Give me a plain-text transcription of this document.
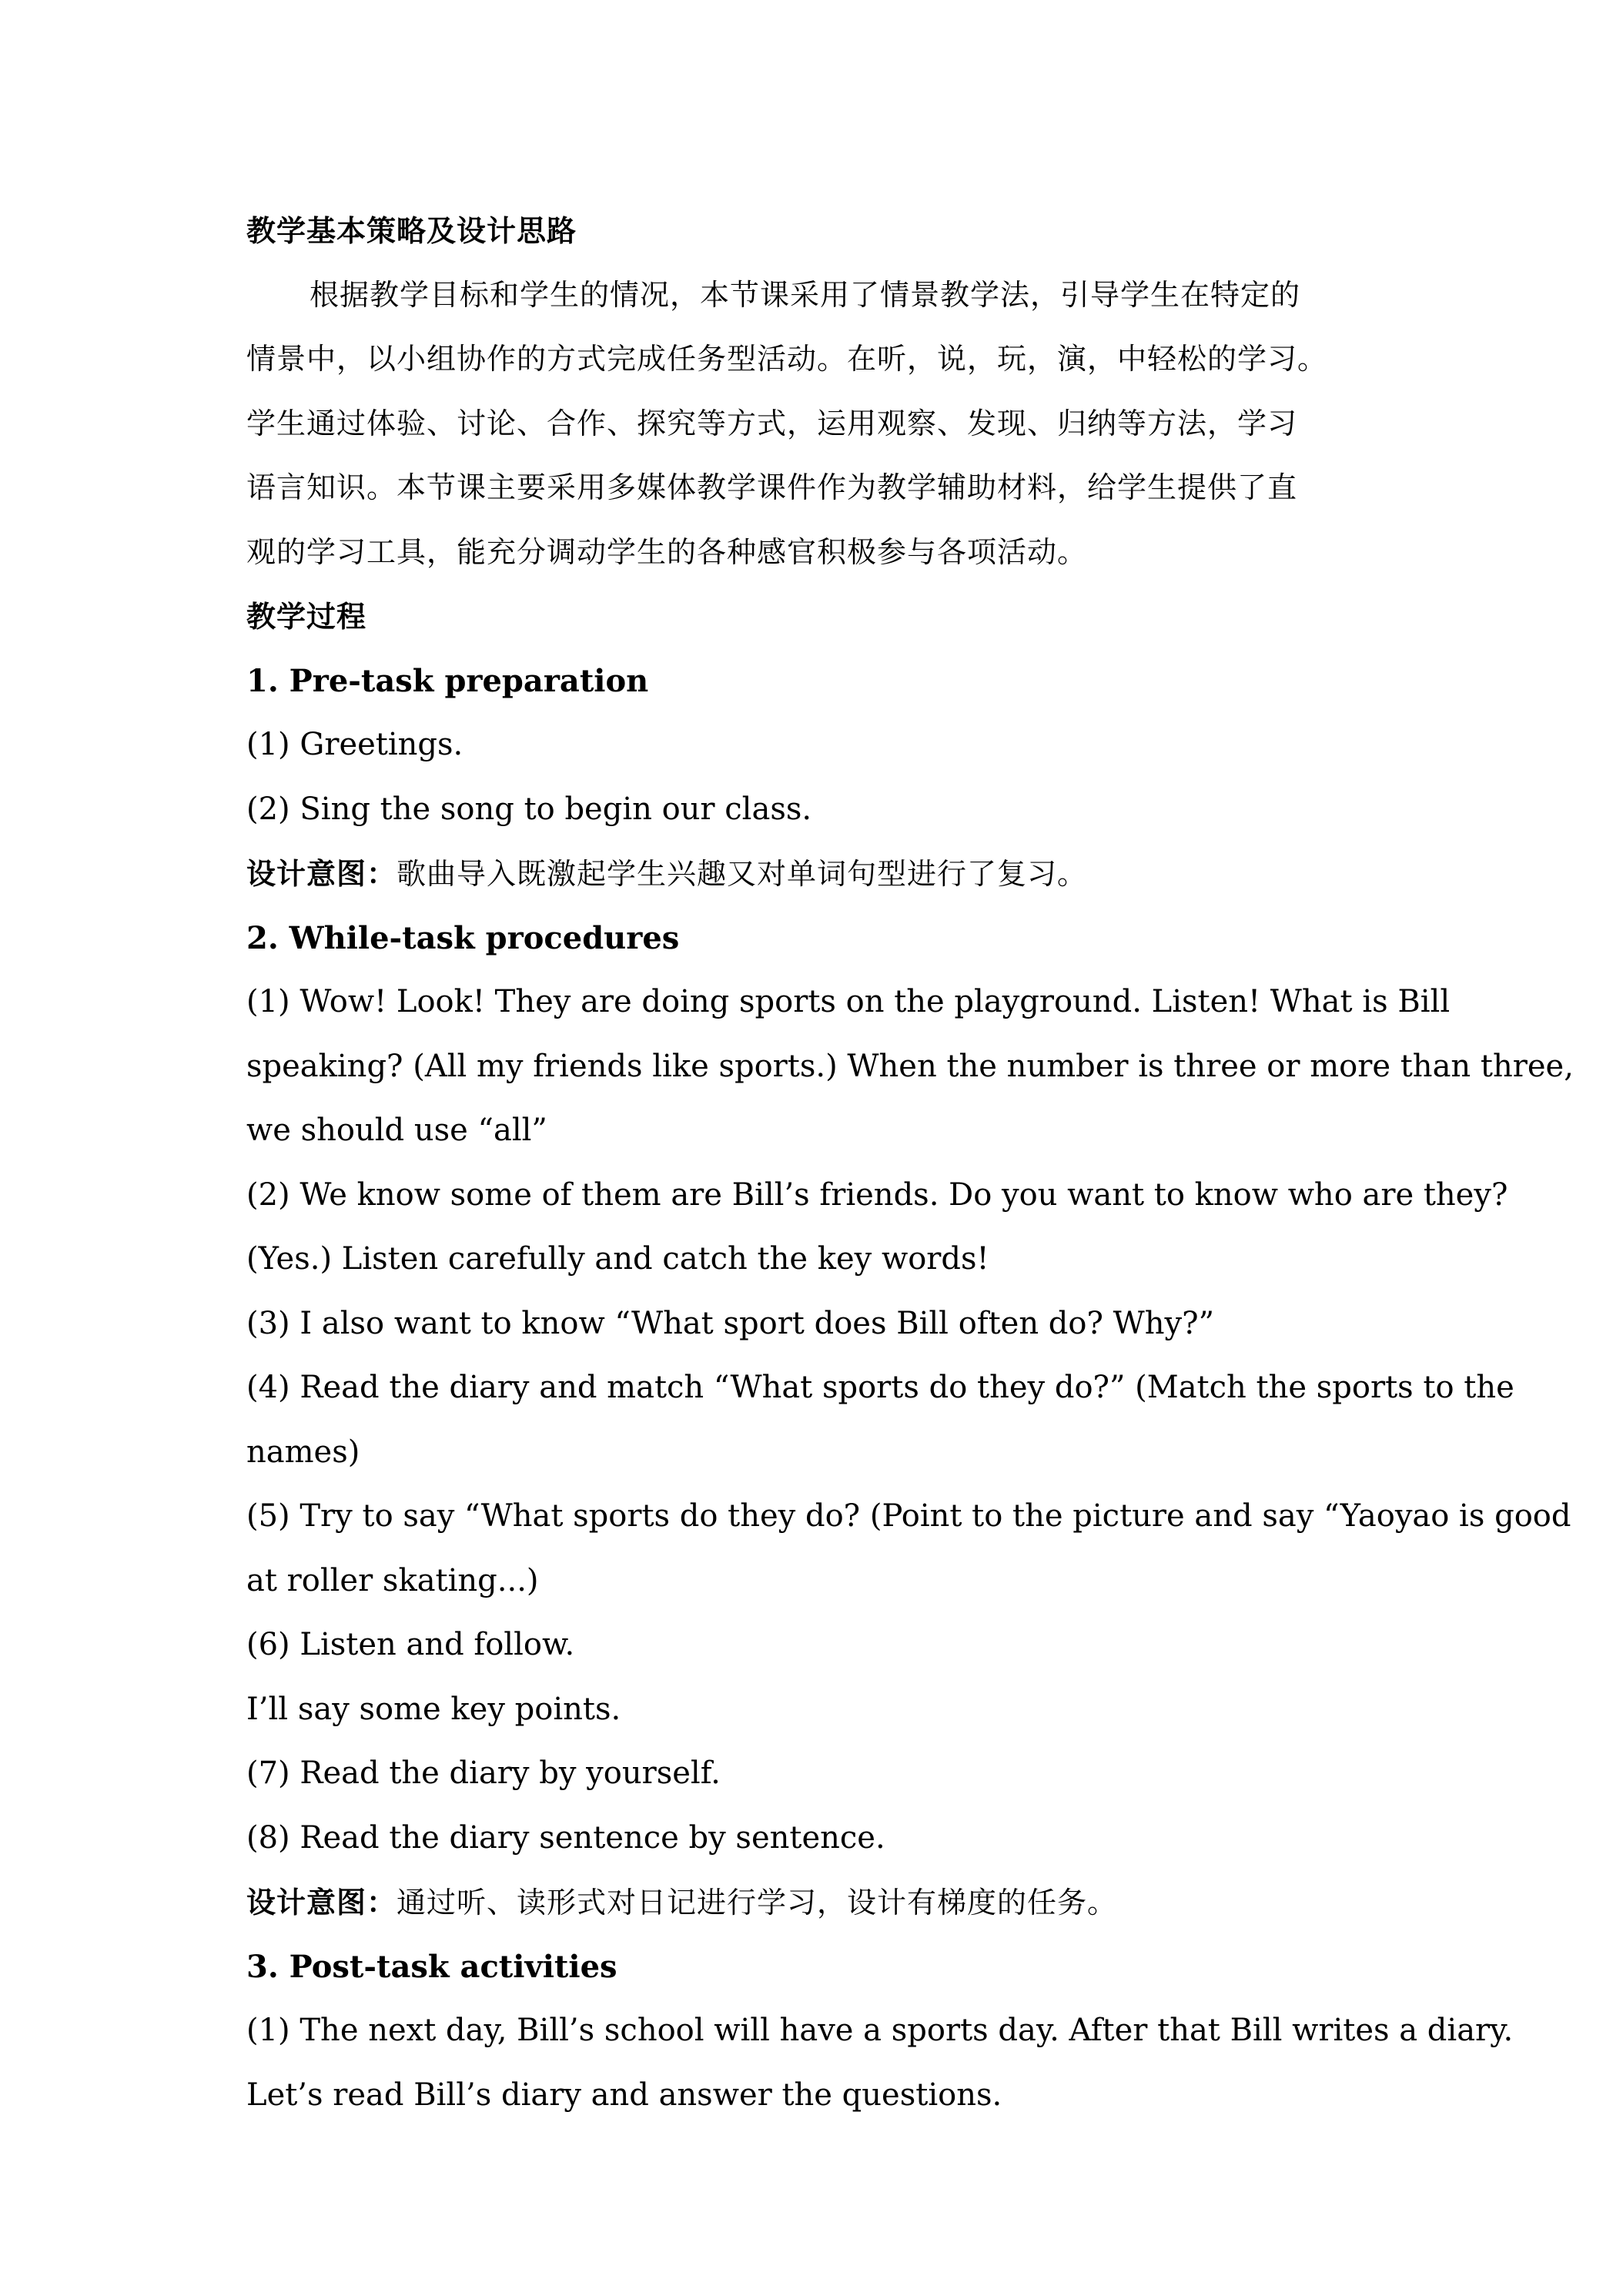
教学基本策略及设计思路
根据教学目标和学生的情况，本节课采用了情景教学法，引导学生在特定的
情景中，以小组协作的方式完成任务型活动。在听，说，玩，演，中轻松的学习。
学生通过体验、讨论、合作、探究等方式，运用观察、发现、归纳等方法，学习
语言知识。本节课主要采用多媒体教学课件作为教学辅助材料，给学生提供了直
观的学习工具，能充分调动学生的各种感官积极参与各项活动。
教学过程
1. Pre-task preparation
(1) Greetings.
(2) Sing the song to begin our class.
设计意图：歌曲导入既激起学生兴趣又对单词句型进行了复习。
2. While-task procedures
(1) Wow! Look! They are doing sports on the playground. Listen! What is Bill
speaking? (All my friends like sports.) When the number is three or more than three,
we should use “all”
(2) We know some of them are Bill’s friends. Do you want to know who are they?
(Yes.) Listen carefully and catch the key words!
(3) I also want to know “What sport does Bill often do? Why?”
(4) Read the diary and match “What sports do they do?” (Match the sports to the
names)
(5) Try to say “What sports do they do? (Point to the picture and say “Yaoyao is good
at roller skating...)
(6) Listen and follow.
I’ll say some key points.
(7) Read the diary by yourself.
(8) Read the diary sentence by sentence.
设计意图：通过听、读形式对日记进行学习，设计有梯度的任务。
3. Post-task activities
(1) The next day, Bill’s school will have a sports day. After that Bill writes a diary.
Let’s read Bill’s diary and answer the questions.
